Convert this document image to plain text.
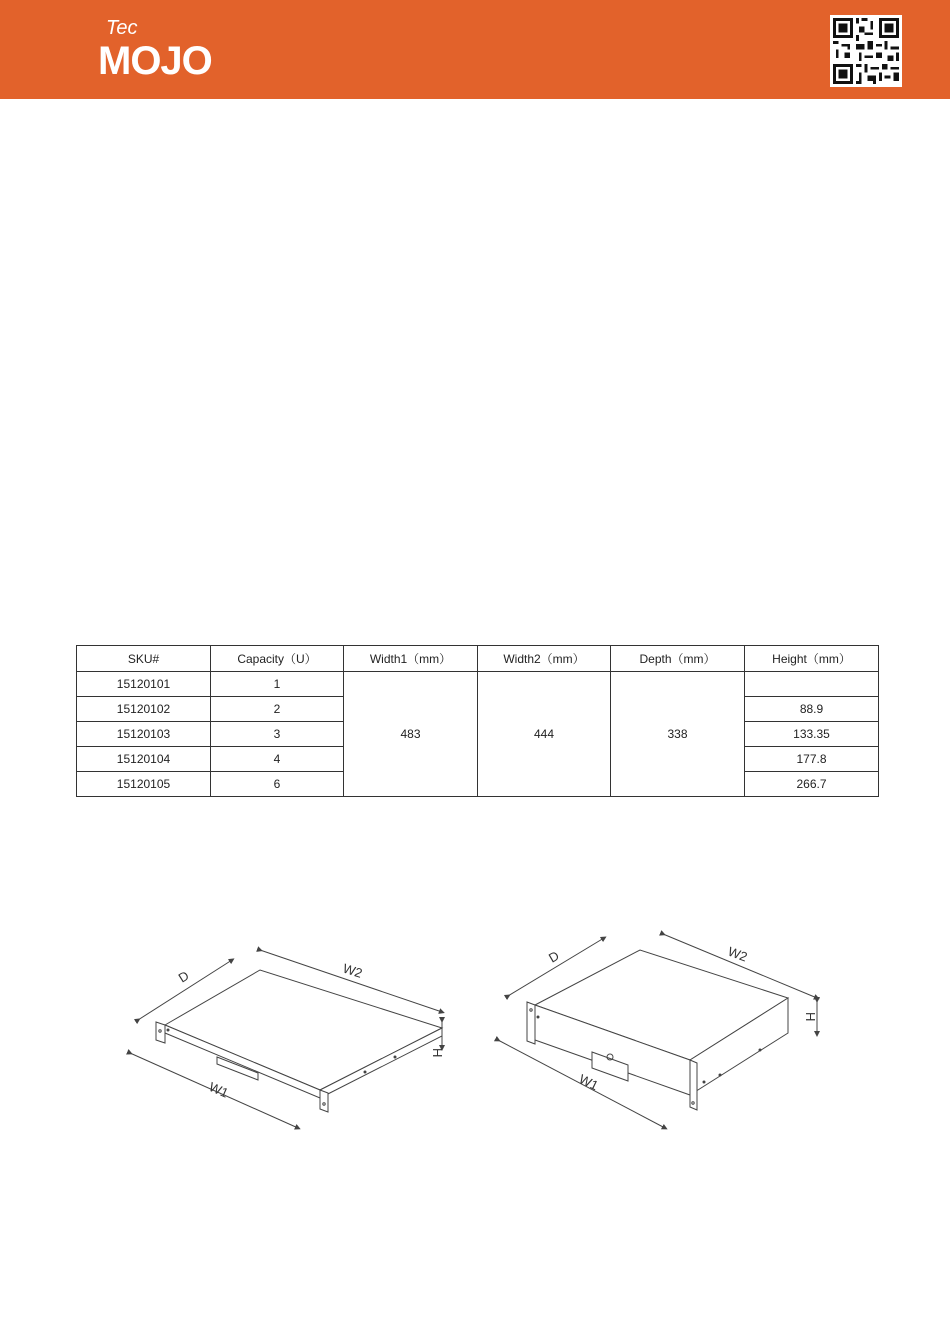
Tec
MOJO
SKU#	Capacity（U）	Width1（mm）	Width2（mm）	Depth（mm）	Height（mm）
15120101	1	483	444	338	
15120102	2				88.9
15120103	3				133.35
15120104	4				177.8
15120105	6				266.7
D	W2
W1
H
D	W2
W1
H
